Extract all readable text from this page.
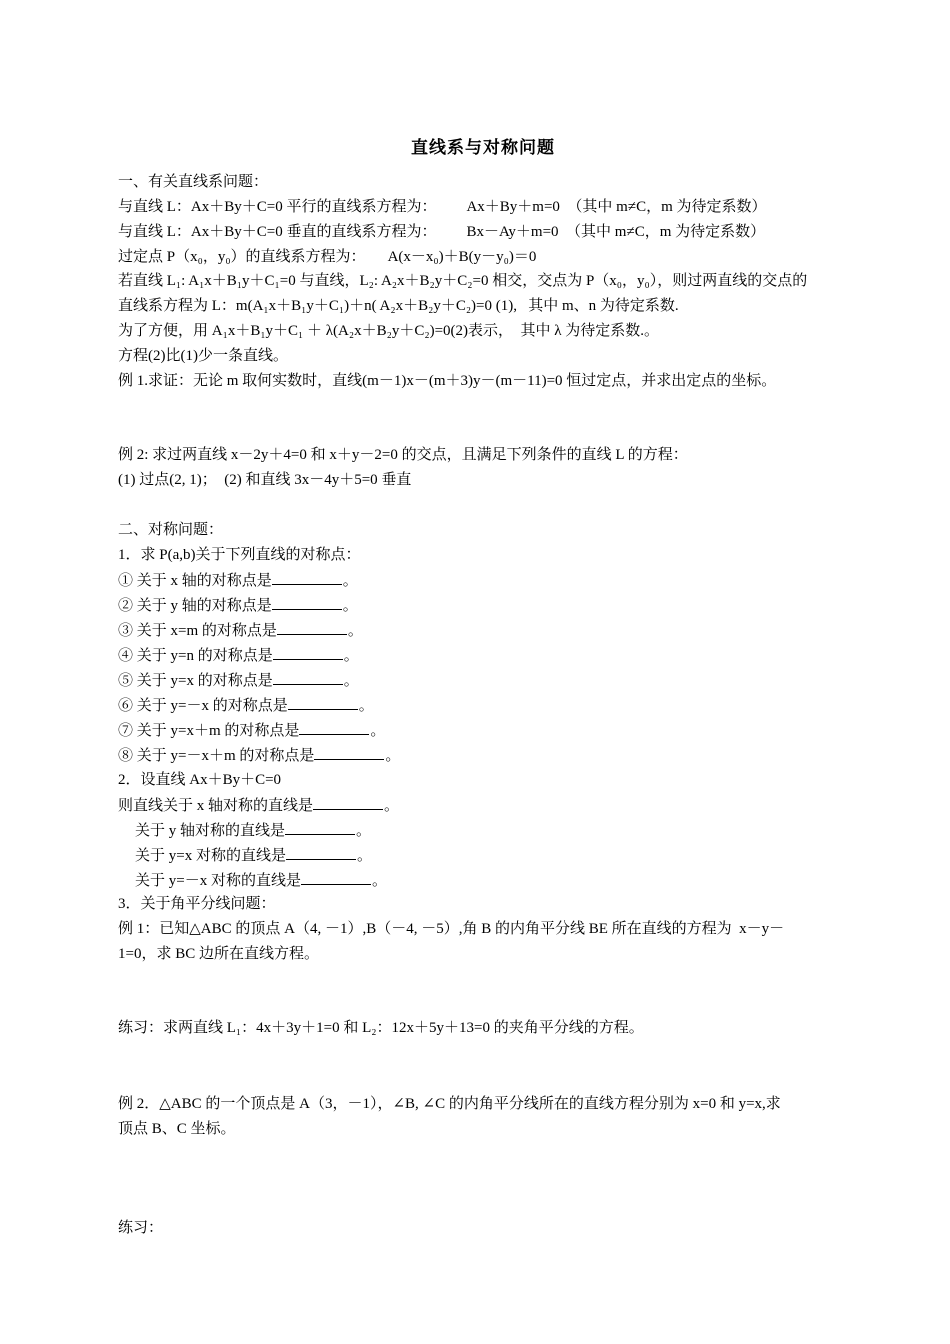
直线系与对称问题
一、有关直线系问题：
与直线 L：Ax＋By＋C=0 平行的直线系方程为： Ax＋By＋m=0  （其中 m≠C，m 为待定系数）
与直线 L：Ax＋By＋C=0 垂直的直线系方程为： Bx－Ay＋m=0  （其中 m≠C，m 为待定系数）
过定点 P（x₀，y₀）的直线系方程为： A(x－x₀)＋B(y－y₀)＝0
若直线 L₁: A₁x＋B₁y＋C₁=0 与直线，L₂: A₂x＋B₂y＋C₂=0 相交，交点为 P（x₀，y₀），则过两直线的交点的
直线系方程为 L：m(A₁x＋B₁y＋C₁)＋n( A₂x＋B₂y＋C₂)=0 (1),   其中 m、n 为待定系数.
为了方便，用 A₁x＋B₁y＋C₁ ＋ λ(A₂x＋B₂y＋C₂)=0(2)表示，  其中 λ 为待定系数.。
方程(2)比(1)少一条直线。
例 1.求证：无论 m 取何实数时，直线(m－1)x－(m＋3)y－(m－11)=0 恒过定点，并求出定点的坐标。
例 2: 求过两直线 x－2y＋4=0 和 x＋y－2=0 的交点，且满足下列条件的直线 L 的方程：
(1) 过点(2, 1)；  (2) 和直线 3x－4y＋5=0 垂直
二、对称问题：
1．求 P(a,b)关于下列直线的对称点：
① 关于 x 轴的对称点是	。
② 关于 y 轴的对称点是	。
③ 关于 x=m 的对称点是	。
④ 关于 y=n 的对称点是	。
⑤ 关于 y=x 的对称点是	。
⑥ 关于 y=－x 的对称点是	。
⑦ 关于 y=x＋m 的对称点是	。
⑧ 关于 y=－x＋m 的对称点是	。
2．设直线 Ax＋By＋C=0
则直线关于 x 轴对称的直线是	。
关于 y 轴对称的直线是	。
关于 y=x 对称的直线是	。
关于 y=－x 对称的直线是	。
3．关于角平分线问题：
例 1：已知△ABC 的顶点 A（4, －1）,B（－4, －5）,角 B 的内角平分线 BE 所在直线的方程为  x－y－
1=0，求 BC 边所在直线方程。
练习：求两直线 L₁：4x＋3y＋1=0 和 L₂：12x＋5y＋13=0 的夹角平分线的方程。
例 2．△ABC 的一个顶点是 A（3，－1），∠B, ∠C 的内角平分线所在的直线方程分别为 x=0 和 y=x,求
顶点 B、C 坐标。
练习：
